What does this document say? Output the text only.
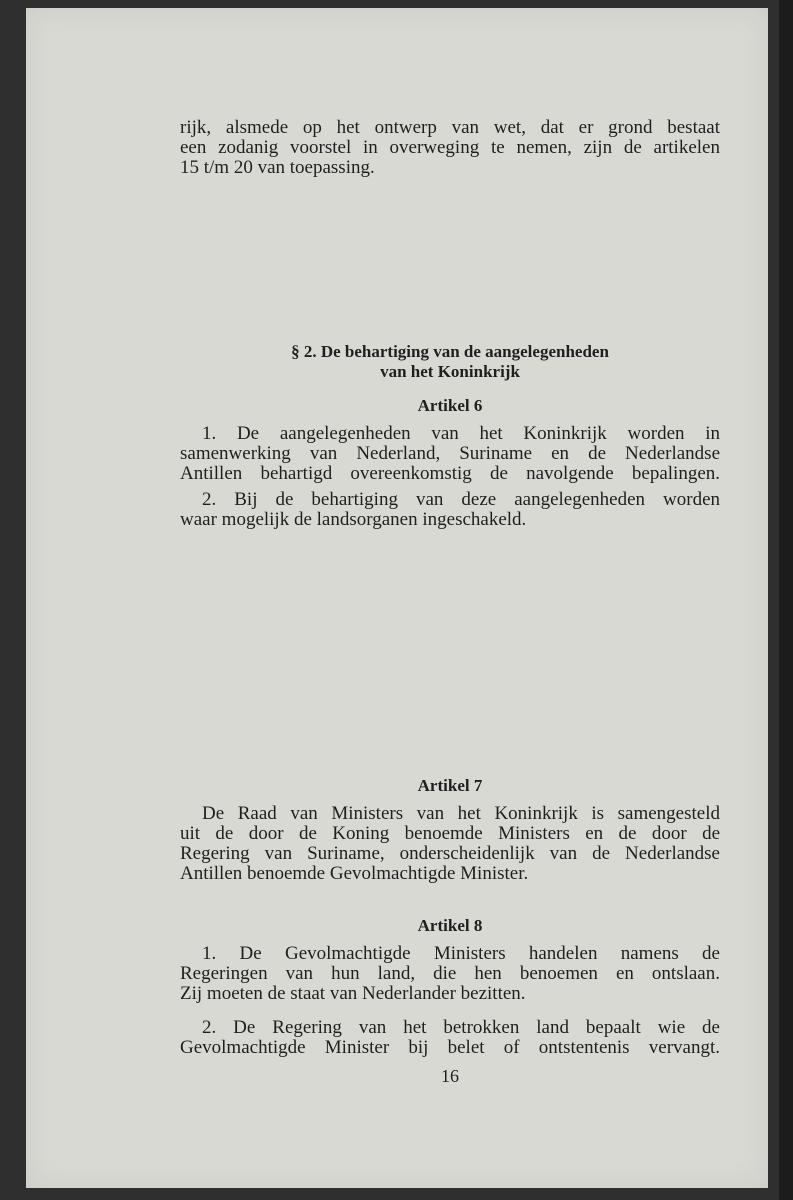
rijk, alsmede op het ontwerp van wet, dat er grond bestaat
een zodanig voorstel in overweging te nemen, zijn de artikelen
15 t/m 20 van toepassing.
§ 2. De behartiging van de aangelegenheden
van het Koninkrijk
Artikel 6
1. De aangelegenheden van het Koninkrijk worden in
samenwerking van Nederland, Suriname en de Nederlandse
Antillen behartigd overeenkomstig de navolgende bepalingen.
2. Bij de behartiging van deze aangelegenheden worden
waar mogelijk de landsorganen ingeschakeld.
Artikel 7
De Raad van Ministers van het Koninkrijk is samengesteld
uit de door de Koning benoemde Ministers en de door de
Regering van Suriname, onderscheidenlijk van de Nederlandse
Antillen benoemde Gevolmachtigde Minister.
Artikel 8
1. De Gevolmachtigde Ministers handelen namens de
Regeringen van hun land, die hen benoemen en ontslaan.
Zij moeten de staat van Nederlander bezitten.
2. De Regering van het betrokken land bepaalt wie de
Gevolmachtigde Minister bij belet of ontstentenis vervangt.
16
